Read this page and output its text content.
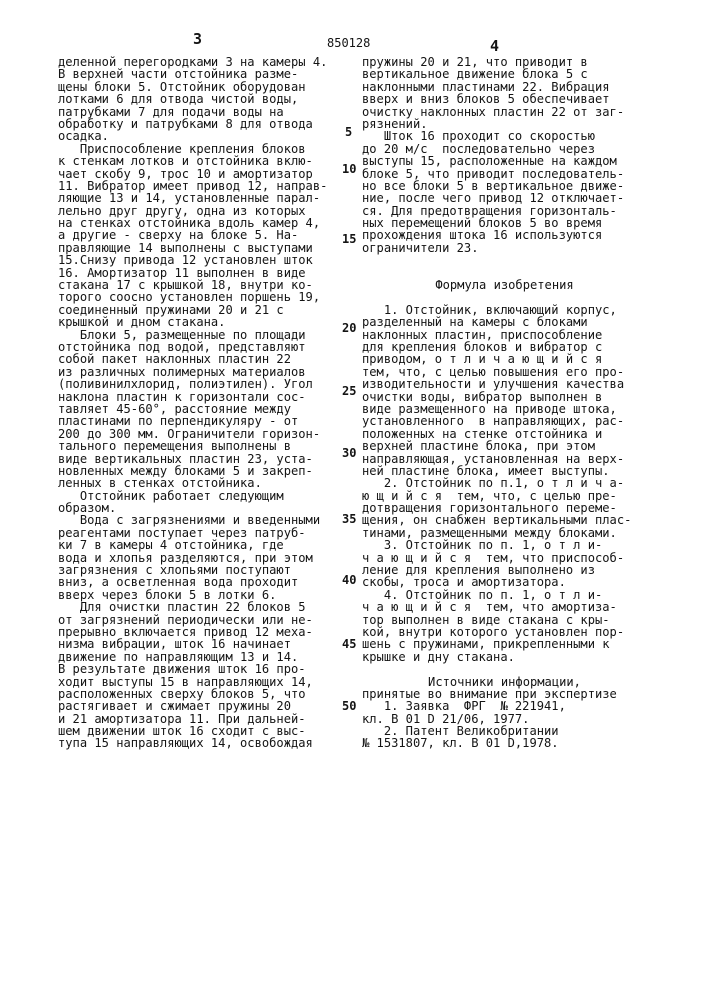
3	850128	4
деленной перегородками 3 на камеры 4.
В верхней части отстойника разме-
щены блоки 5. Отстойник оборудован
лотками 6 для отвода чистой воды,
патрубками 7 для подачи воды на
обработку и патрубками 8 для отвода
осадка.
Приспособление крепления блоков
к стенкам лотков и отстойника вклю-
чает скобу 9, трос 10 и амортизатор
11. Вибратор имеет привод 12, направ-
ляющие 13 и 14, установленные парал-
лельно друг другу, одна из которых
на стенках отстойника вдоль камер 4,
а другие - сверху на блоке 5. На-
правляющие 14 выполнены с выступами
15.Снизу привода 12 установлен шток
16. Амортизатор 11 выполнен в виде
стакана 17 с крышкой 18, внутри ко-
торого соосно установлен поршень 19,
соединенный пружинами 20 и 21 с
крышкой и дном стакана.
Блоки 5, размещенные по площади
отстойника под водой, представляют
собой пакет наклонных пластин 22
из различных полимерных материалов
(поливинилхлорид, полиэтилен). Угол
наклона пластин к горизонтали сос-
тавляет 45-60°, расстояние между
пластинами по перпендикуляру - от
200 до 300 мм. Ограничители горизон-
тального перемещения выполнены в
виде вертикальных пластин 23, уста-
новленных между блоками 5 и закреп-
ленных в стенках отстойника.
Отстойник работает следующим
образом.
Вода с загрязнениями и введенными
реагентами поступает через патруб-
ки 7 в камеры 4 отстойника, где
вода и хлопья разделяются, при этом
загрязнения с хлопьями поступают
вниз, а осветленная вода проходит
вверх через блоки 5 в лотки 6.
Для очистки пластин 22 блоков 5
от загрязнений периодически или не-
прерывно включается привод 12 меха-
низма вибрации, шток 16 начинает
движение по направляющим 13 и 14.
В результате движения шток 16 про-
ходит выступы 15 в направляющих 14,
расположенных сверху блоков 5, что
растягивает и сжимает пружины 20
и 21 амортизатора 11. При дальней-
шем движении шток 16 сходит с выс-
тупа 15 направляющих 14, освобождая
пружины 20 и 21, что приводит в
вертикальное движение блока 5 с
наклонными пластинами 22. Вибрация
вверх и вниз блоков 5 обеспечивает
очистку наклонных пластин 22 от заг-
рязнений.
Шток 16 проходит со скоростью
до 20 м/с  последовательно через
выступы 15, расположенные на каждом
блоке 5, что приводит последователь-
но все блоки 5 в вертикальное движе-
ние, после чего привод 12 отключает-
ся. Для предотвращения горизонталь-
ных перемещений блоков 5 во время
прохождения штока 16 используются
ограничители 23.
Формула изобретения
1. Отстойник, включающий корпус,
разделенный на камеры с блоками
наклонных пластин, приспособление
для крепления блоков и вибратор с
приводом, о т л и ч а ю щ и й с я
тем, что, с целью повышения его про-
изводительности и улучшения качества
очистки воды, вибратор выполнен в
виде размещенного на приводе штока,
установленного  в направляющих, рас-
положенных на стенке отстойника и
верхней пластине блока, при этом
направляющая, установленная на верх-
ней пластине блока, имеет выступы.
2. Отстойник по п.1, о т л и ч а-
ю щ и й с я  тем, что, с целью пре-
дотвращения горизонтального переме-
щения, он снабжен вертикальными плас-
тинами, размещенными между блоками.
3. Отстойник по п. 1, о т л и-
ч а ю щ и й с я  тем, что приспособ-
ление для крепления выполнено из
скобы, троса и амортизатора.
4. Отстойник по п. 1, о т л и-
ч а ю щ и й с я  тем, что амортиза-
тор выполнен в виде стакана с кры-
кой, внутри которого установлен пор-
шень с пружинами, прикрепленными к
крышке и дну стакана.
Источники информации,
принятые во внимание при экспертизе
1. Заявка  ФРГ  № 221941,
кл. В 01 D 21/06, 1977.
2. Патент Великобритании
№ 1531807, кл. В 01 D,1978.
5
10
15
20
25
30
35
40
45
50
